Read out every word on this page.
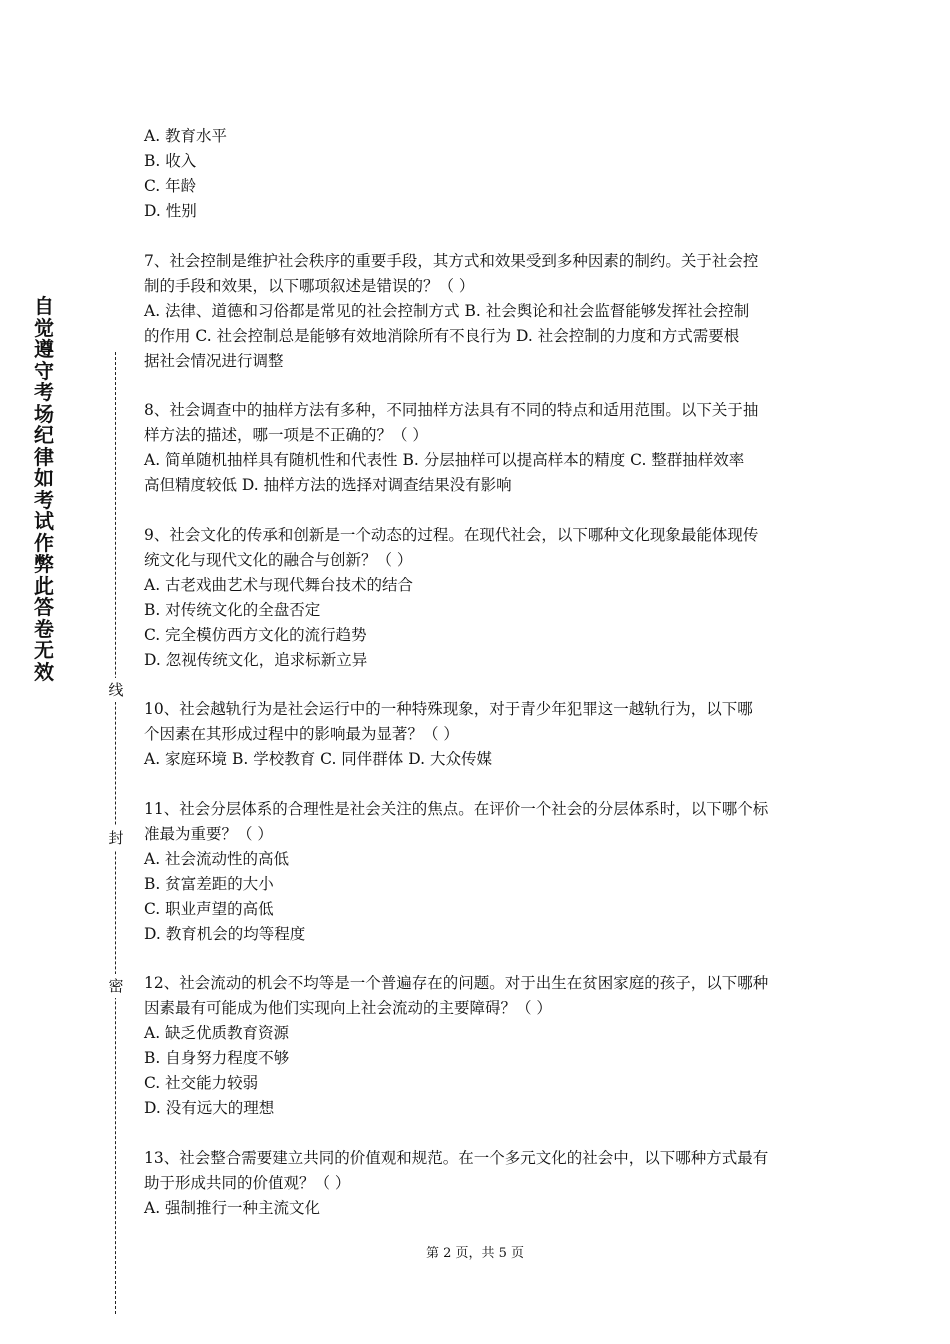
自觉遵守考场纪律如考试作弊此答卷无效
线
封
密
A. 教育水平
B. 收入
C. 年龄
D. 性别
7、社会控制是维护社会秩序的重要手段，其方式和效果受到多种因素的制约。关于社会控
制的手段和效果，以下哪项叙述是错误的？（ ）
A. 法律、道德和习俗都是常见的社会控制方式 B. 社会舆论和社会监督能够发挥社会控制
的作用 C. 社会控制总是能够有效地消除所有不良行为 D. 社会控制的力度和方式需要根
据社会情况进行调整
8、社会调查中的抽样方法有多种，不同抽样方法具有不同的特点和适用范围。以下关于抽
样方法的描述，哪一项是不正确的？（ ）
A. 简单随机抽样具有随机性和代表性 B. 分层抽样可以提高样本的精度 C. 整群抽样效率
高但精度较低 D. 抽样方法的选择对调查结果没有影响
9、社会文化的传承和创新是一个动态的过程。在现代社会，以下哪种文化现象最能体现传
统文化与现代文化的融合与创新？（ ）
A. 古老戏曲艺术与现代舞台技术的结合
B. 对传统文化的全盘否定
C. 完全模仿西方文化的流行趋势
D. 忽视传统文化，追求标新立异
10、社会越轨行为是社会运行中的一种特殊现象，对于青少年犯罪这一越轨行为，以下哪
个因素在其形成过程中的影响最为显著？（ ）
A. 家庭环境 B. 学校教育 C. 同伴群体 D. 大众传媒
11、社会分层体系的合理性是社会关注的焦点。在评价一个社会的分层体系时，以下哪个标
准最为重要？（ ）
A. 社会流动性的高低
B. 贫富差距的大小
C. 职业声望的高低
D. 教育机会的均等程度
12、社会流动的机会不均等是一个普遍存在的问题。对于出生在贫困家庭的孩子，以下哪种
因素最有可能成为他们实现向上社会流动的主要障碍？（ ）
A. 缺乏优质教育资源
B. 自身努力程度不够
C. 社交能力较弱
D. 没有远大的理想
13、社会整合需要建立共同的价值观和规范。在一个多元文化的社会中，以下哪种方式最有
助于形成共同的价值观？（ ）
A. 强制推行一种主流文化
第 2 页，共 5 页
